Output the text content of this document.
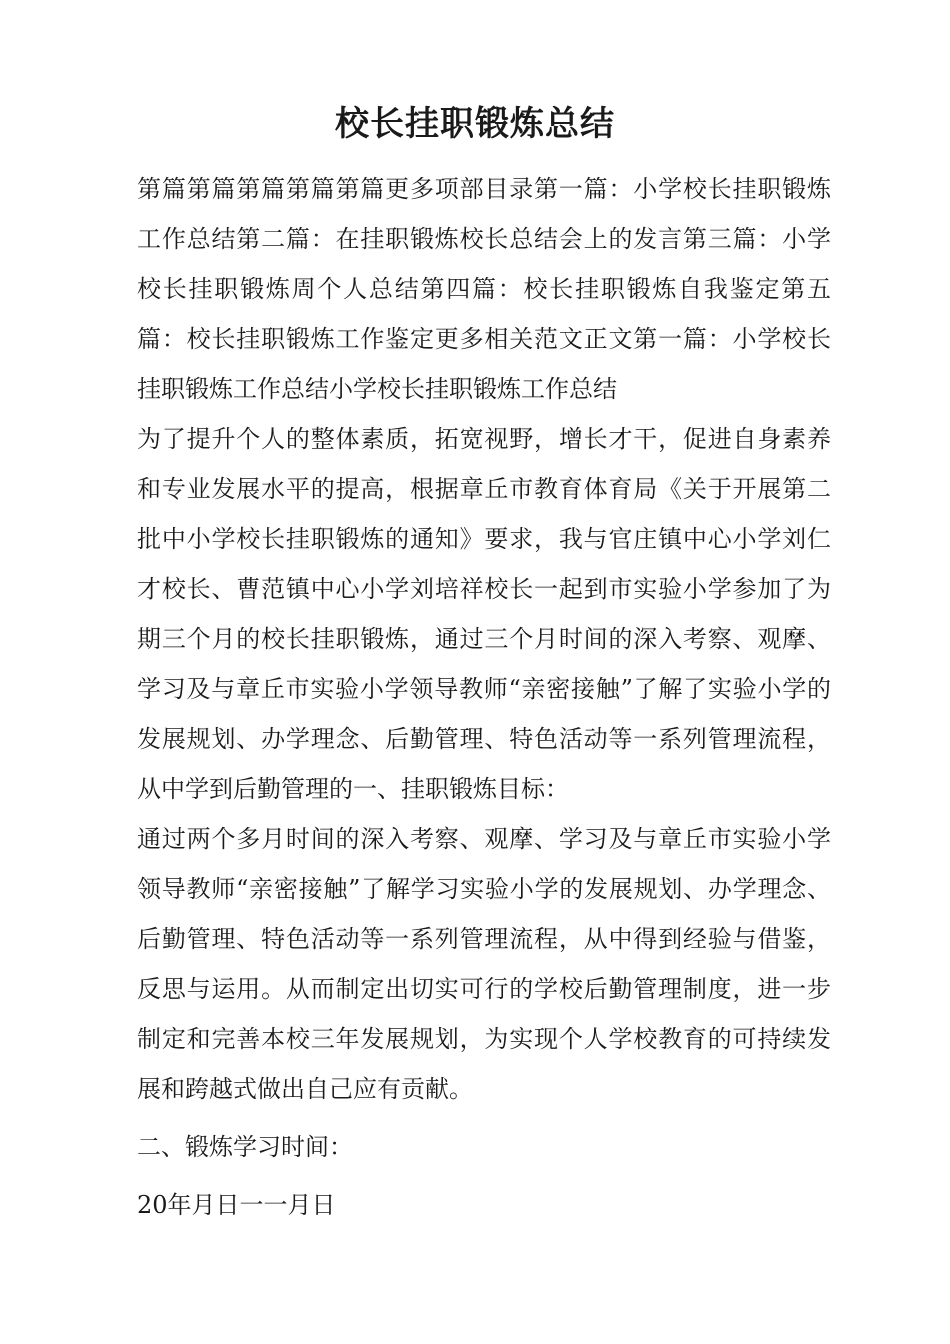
校长挂职锻炼总结

第篇第篇第篇第篇第篇更多项部目录第一篇：小学校长挂职锻炼工作总结第二篇：在挂职锻炼校长总结会上的发言第三篇：小学校长挂职锻炼周个人总结第四篇：校长挂职锻炼自我鉴定第五篇：校长挂职锻炼工作鉴定更多相关范文正文第一篇：小学校长挂职锻炼工作总结小学校长挂职锻炼工作总结

为了提升个人的整体素质，拓宽视野，增长才干，促进自身素养和专业发展水平的提高，根据章丘市教育体育局《关于开展第二批中小学校长挂职锻炼的通知》要求，我与官庄镇中心小学刘仁才校长、曹范镇中心小学刘培祥校长一起到市实验小学参加了为期三个月的校长挂职锻炼，通过三个月时间的深入考察、观摩、学习及与章丘市实验小学领导教师“亲密接触”了解了实验小学的发展规划、办学理念、后勤管理、特色活动等一系列管理流程，从中学到后勤管理的一、挂职锻炼目标：

通过两个多月时间的深入考察、观摩、学习及与章丘市实验小学领导教师“亲密接触”了解学习实验小学的发展规划、办学理念、后勤管理、特色活动等一系列管理流程，从中得到经验与借鉴，反思与运用。从而制定出切实可行的学校后勤管理制度，进一步制定和完善本校三年发展规划，为实现个人学校教育的可持续发展和跨越式做出自己应有贡献。

二、锻炼学习时间：

20年月日一一月日
